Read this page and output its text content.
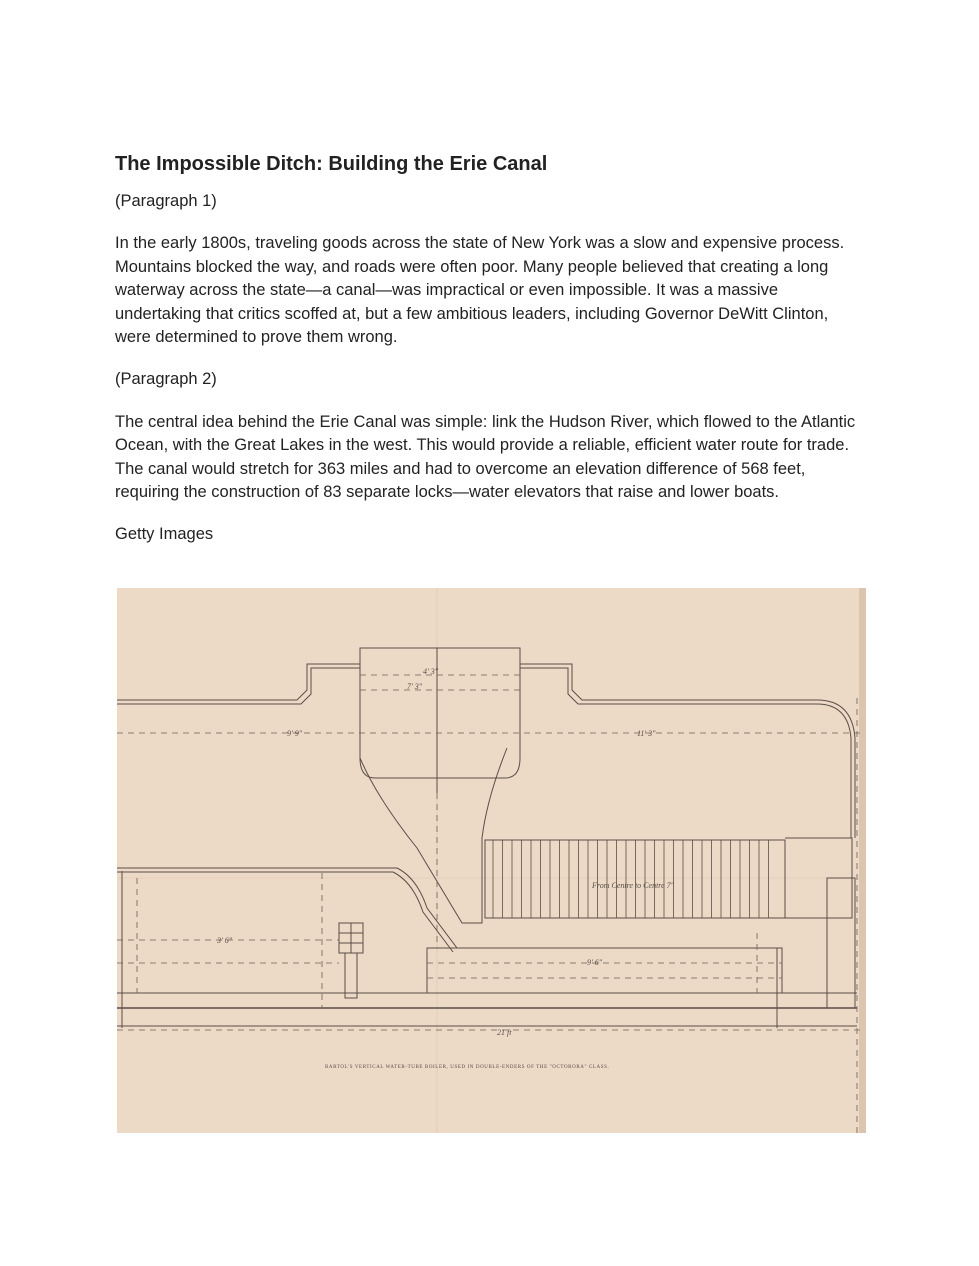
The Impossible Ditch: Building the Erie Canal

(Paragraph 1)

In the early 1800s, traveling goods across the state of New York was a slow and expensive process. Mountains blocked the way, and roads were often poor. Many people believed that creating a long waterway across the state—a canal—was impractical or even impossible. It was a massive undertaking that critics scoffed at, but a few ambitious leaders, including Governor DeWitt Clinton, were determined to prove them wrong.

(Paragraph 2)

The central idea behind the Erie Canal was simple: link the Hudson River, which flowed to the Atlantic Ocean, with the Great Lakes in the west. This would provide a reliable, efficient water route for trade. The canal would stretch for 363 miles and had to overcome an elevation difference of 568 feet, requiring the construction of 83 separate locks—water elevators that raise and lower boats.

Getty Images

4' 3"
7' 3"
9' 9"	11' 3"
3' 6"
9' 6"
21 ft
From Centre to Centre 7"
BARTOL'S VERTICAL WATER-TUBE BOILER, USED IN DOUBLE-ENDERS OF THE "OCTORORA" CLASS.
